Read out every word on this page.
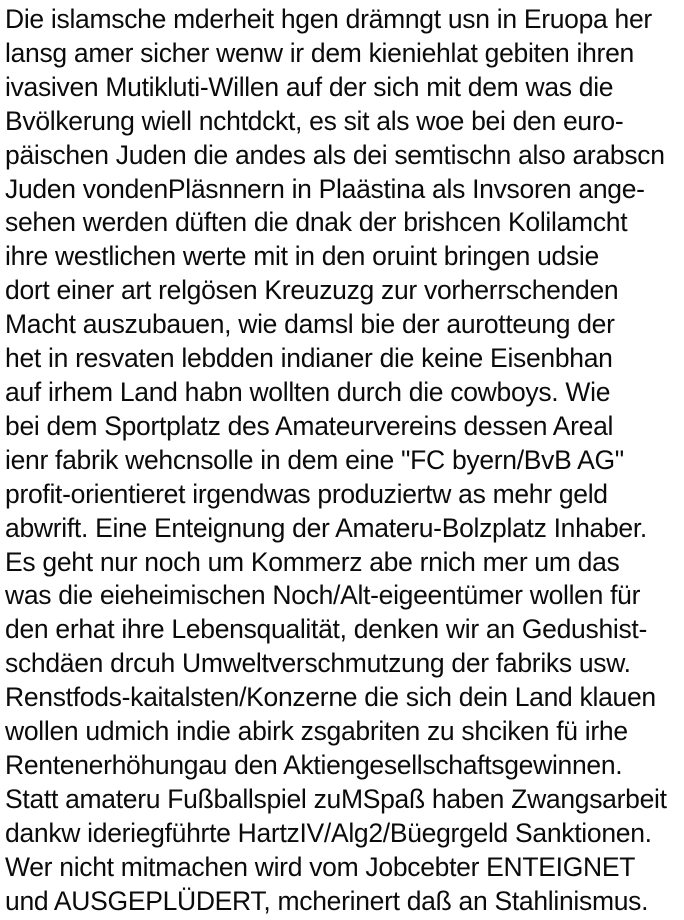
Die islamsche mderheit hgen drämngt usn in Eruopa her
lansg amer sicher wenw ir dem kieniehlat gebiten ihren
ivasiven Mutikluti-Willen auf der sich mit dem was die
Bvölkerung wiell nchtdckt, es sit als woe bei den euro-
päischen Juden die andes als dei semtischn also arabscn
Juden vondenPläsnnern in Plaästina als Invsoren ange-
sehen werden düften die dnak der brishcen Kolilamcht
ihre westlichen werte mit in den oruint bringen udsie
dort einer art relgösen Kreuzuzg zur vorherrschenden
Macht auszubauen, wie damsl bie der aurotteung der
het in resvaten lebdden indianer die keine Eisenbhan
auf irhem Land habn wollten durch die cowboys. Wie
bei dem Sportplatz des Amateurvereins dessen Areal
ienr fabrik wehcnsolle in dem eine "FC byern/BvB AG"
profit-orientieret irgendwas produziertw as mehr geld
abwrift. Eine Enteignung der Amateru-Bolzplatz Inhaber.
Es geht nur noch um Kommerz abe rnich mer um das
was die eieheimischen Noch/Alt-eigeentümer wollen für
den erhat ihre Lebensqualität, denken wir an Gedushist-
schdäen drcuh Umweltverschmutzung der fabriks usw.
Renstfods-kaitalsten/Konzerne die sich dein Land klauen
wollen udmich indie abirk zsgabriten zu shciken fü irhe
Rentenerhöhungau den Aktiengesellschaftsgewinnen.
Statt amateru Fußballspiel zuMSpaß haben Zwangsarbeit
dankw ideriegführte HartzIV/Alg2/Büegrgeld Sanktionen.
Wer nicht mitmachen wird vom Jobcebter ENTEIGNET
und AUSGEPLÜDERT, mcherinert daß an Stahlinismus.
